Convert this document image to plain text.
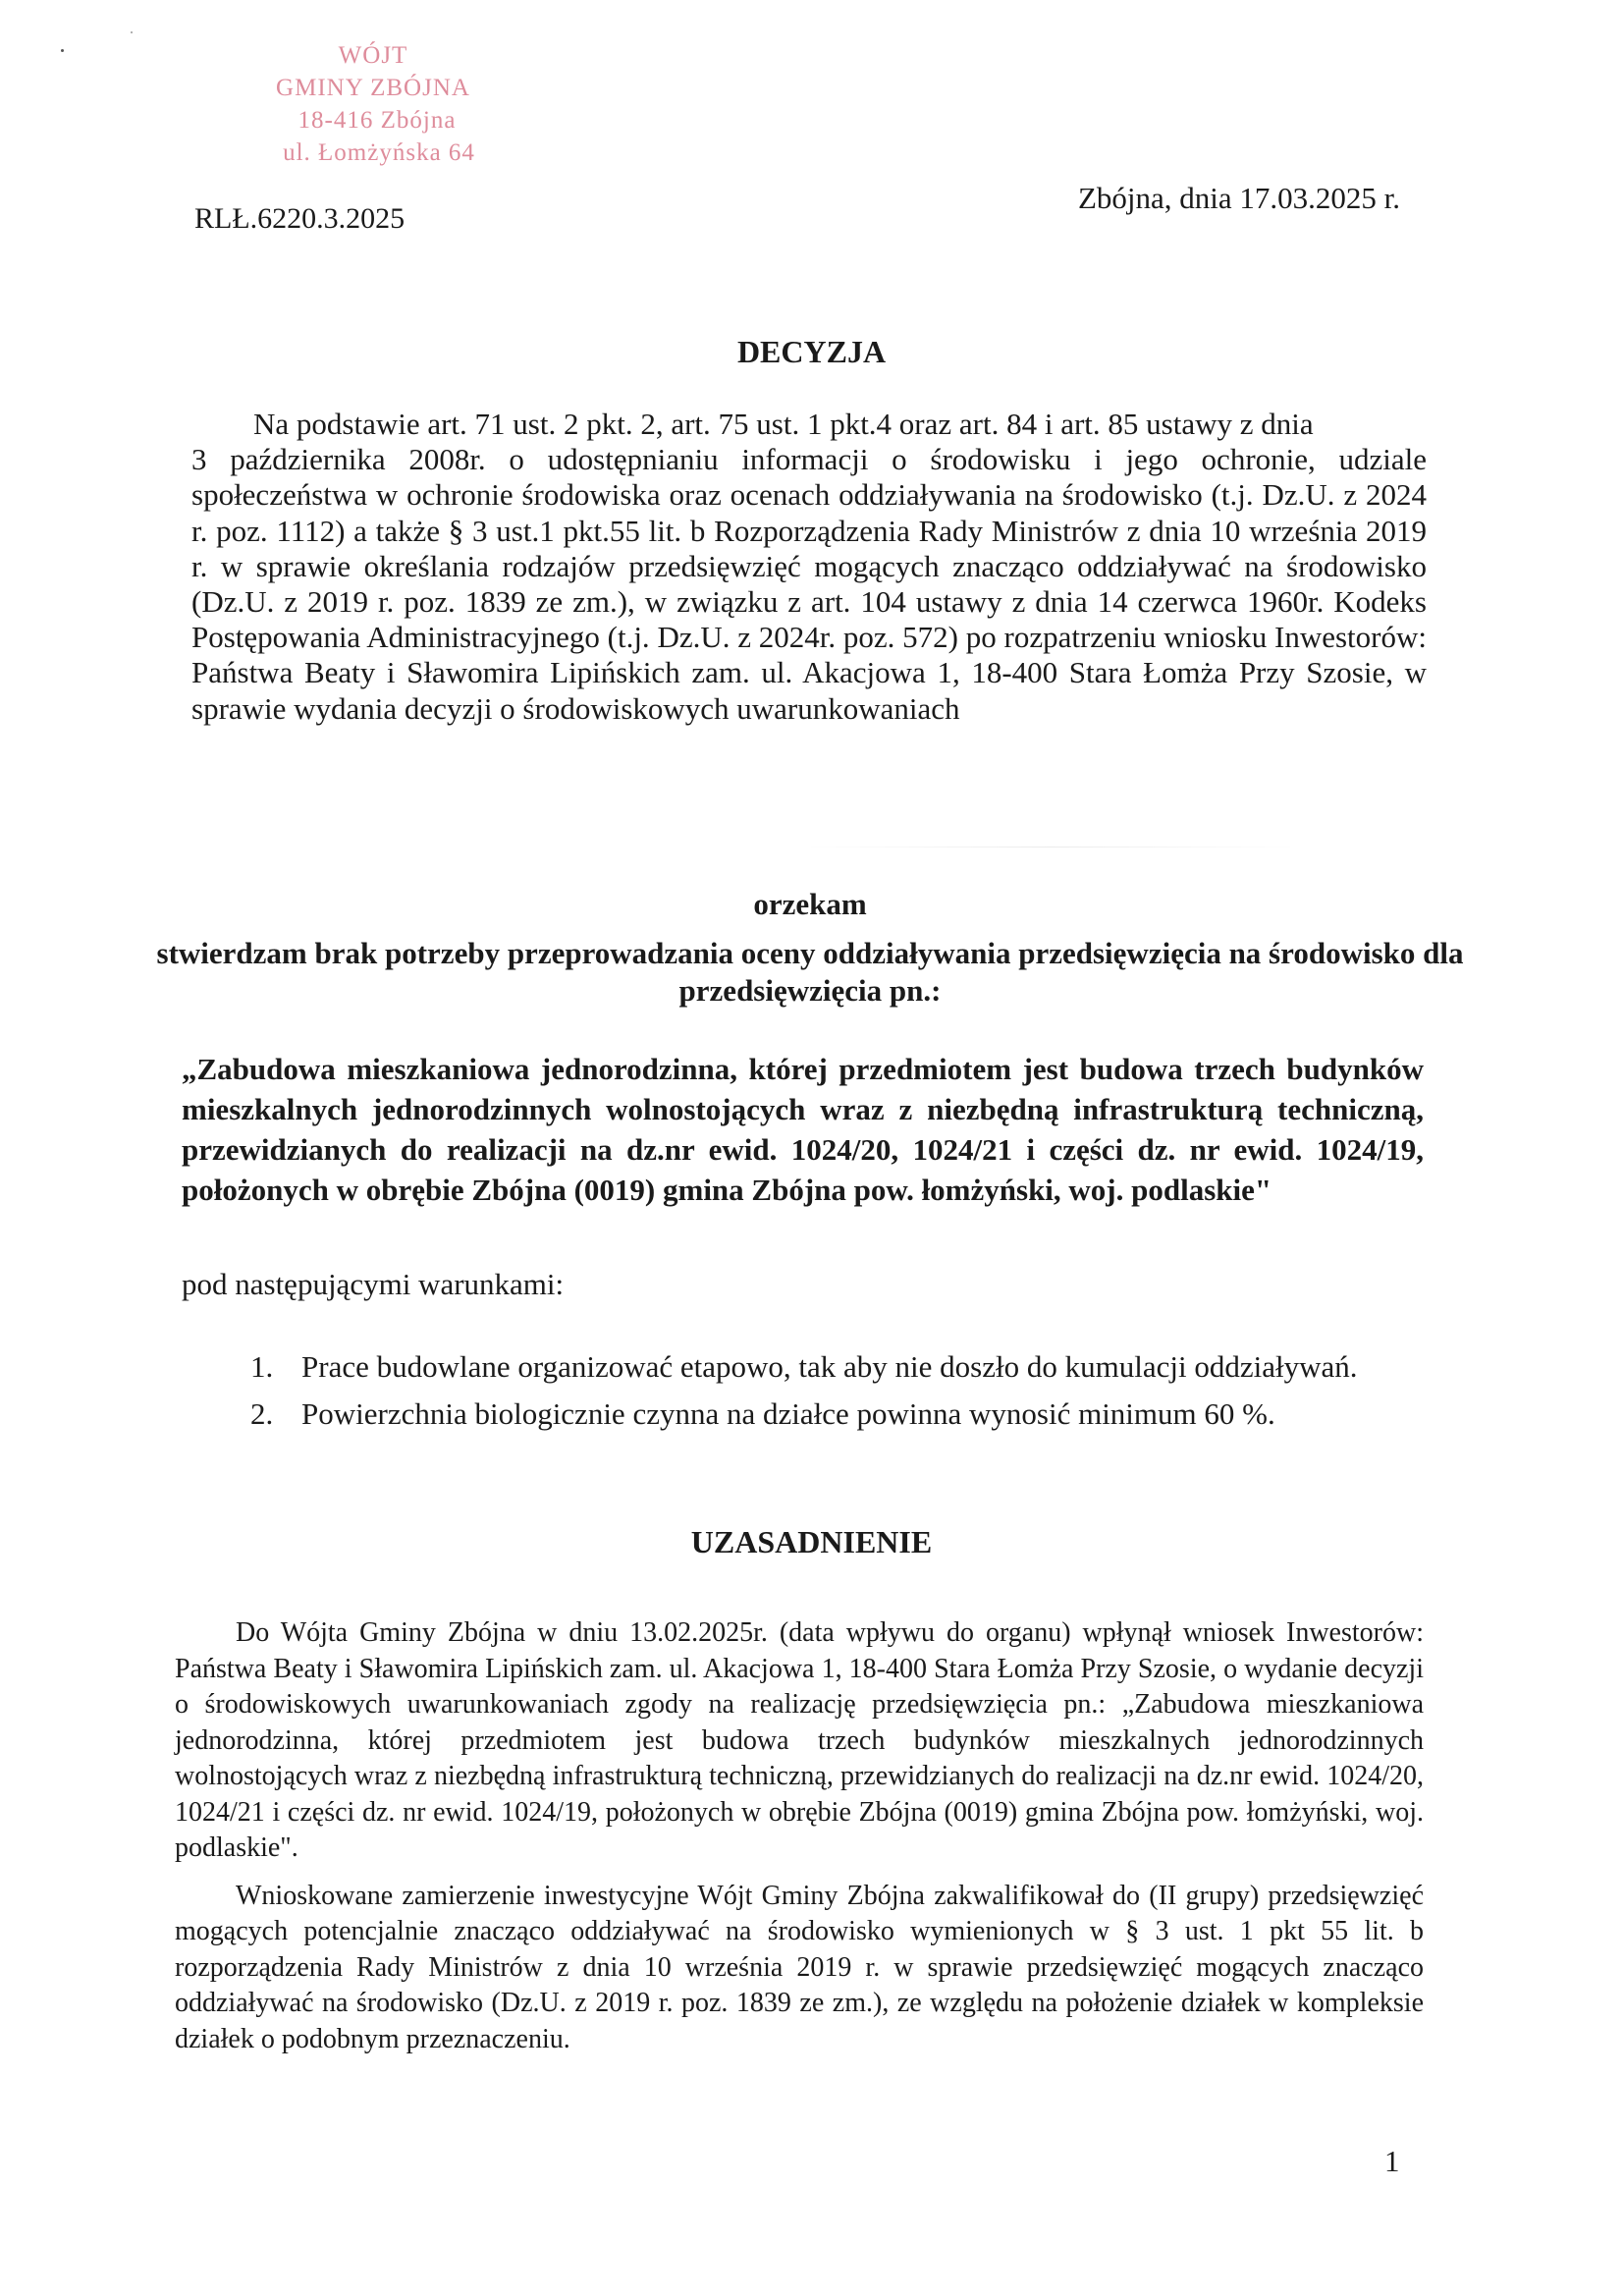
WÓJT
GMINY ZBÓJNA
18-416 Zbójna
ul. Łomżyńska 64
RLŁ.6220.3.2025
Zbójna, dnia 17.03.2025 r.
DECYZJA
Na podstawie art. 71 ust. 2 pkt. 2, art. 75 ust. 1 pkt.4 oraz art. 84 i art. 85 ustawy z dnia
3 października 2008r. o udostępnianiu informacji o środowisku i jego ochronie, udziale społeczeństwa w ochronie środowiska oraz ocenach oddziaływania na środowisko (t.j. Dz.U. z 2024 r. poz. 1112) a także § 3 ust.1 pkt.55 lit. b Rozporządzenia Rady Ministrów z dnia 10 września 2019 r. w sprawie określania rodzajów przedsięwzięć mogących znacząco oddziaływać na środowisko (Dz.U. z 2019 r. poz. 1839 ze zm.), w związku z art. 104 ustawy z dnia 14 czerwca 1960r. Kodeks Postępowania Administracyjnego (t.j. Dz.U. z 2024r. poz. 572) po rozpatrzeniu wniosku Inwestorów: Państwa Beaty i Sławomira Lipińskich zam. ul. Akacjowa 1, 18-400 Stara Łomża Przy Szosie, w sprawie wydania decyzji o środowiskowych uwarunkowaniach
orzekam
stwierdzam brak potrzeby przeprowadzania oceny oddziaływania przedsięwzięcia na środowisko dla przedsięwzięcia pn.:
„Zabudowa mieszkaniowa jednorodzinna, której przedmiotem jest budowa trzech budynków mieszkalnych jednorodzinnych wolnostojących wraz z niezbędną infrastrukturą techniczną, przewidzianych do realizacji na dz.nr ewid. 1024/20, 1024/21 i części dz. nr ewid. 1024/19, położonych w obrębie Zbójna (0019) gmina Zbójna pow. łomżyński, woj. podlaskie"
pod następującymi warunkami:
1. Prace budowlane organizować etapowo, tak aby nie doszło do kumulacji oddziaływań.
2. Powierzchnia biologicznie czynna na działce powinna wynosić minimum 60 %.
UZASADNIENIE

Do Wójta Gminy Zbójna w dniu 13.02.2025r. (data wpływu do organu) wpłynął wniosek Inwestorów: Państwa Beaty i Sławomira Lipińskich zam. ul. Akacjowa 1, 18-400 Stara Łomża Przy Szosie, o wydanie decyzji o środowiskowych uwarunkowaniach zgody na realizację przedsięwzięcia pn.: „Zabudowa mieszkaniowa jednorodzinna, której przedmiotem jest budowa trzech budynków mieszkalnych jednorodzinnych wolnostojących wraz z niezbędną infrastrukturą techniczną, przewidzianych do realizacji na dz.nr ewid. 1024/20, 1024/21 i części dz. nr ewid. 1024/19, położonych w obrębie Zbójna (0019) gmina Zbójna pow. łomżyński, woj. podlaskie".

Wnioskowane zamierzenie inwestycyjne Wójt Gminy Zbójna zakwalifikował do (II grupy) przedsięwzięć mogących potencjalnie znacząco oddziaływać na środowisko wymienionych w § 3 ust. 1 pkt 55 lit. b rozporządzenia Rady Ministrów z dnia 10 września 2019 r. w sprawie przedsięwzięć mogących znacząco oddziaływać na środowisko (Dz.U. z 2019 r. poz. 1839 ze zm.), ze względu na położenie działek w kompleksie działek o podobnym przeznaczeniu.

1
